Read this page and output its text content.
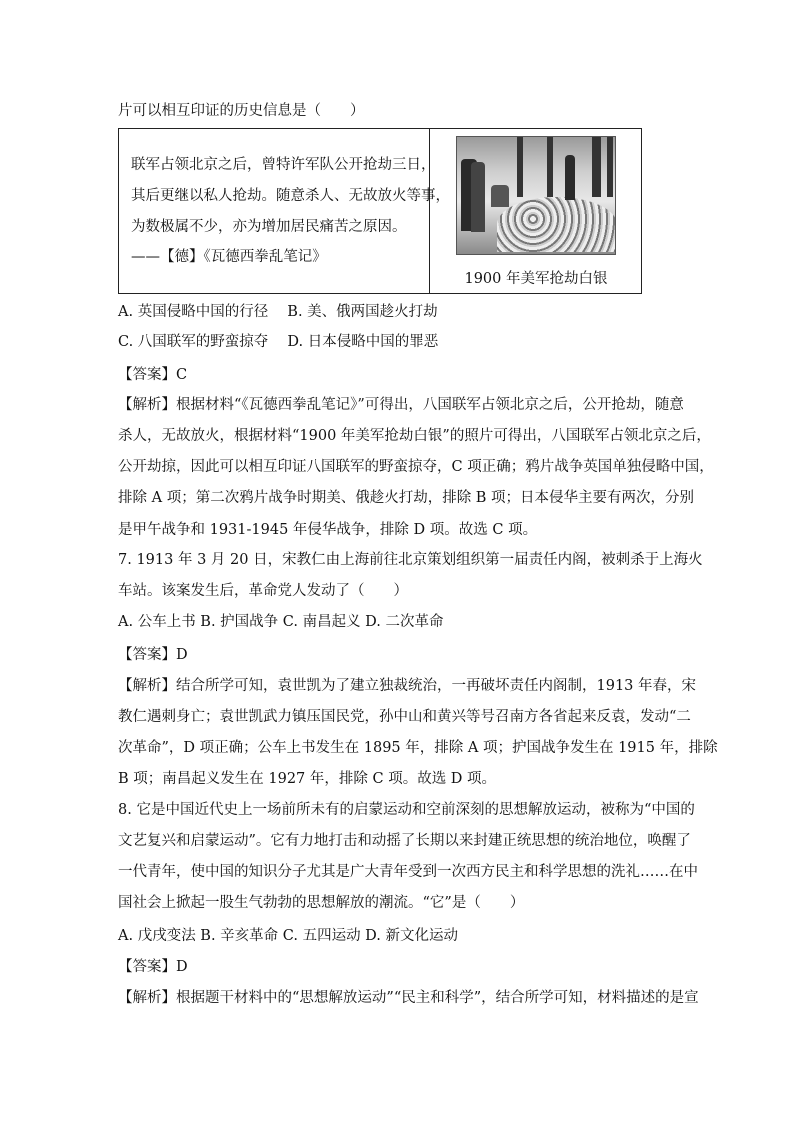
片可以相互印证的历史信息是（　　）
联军占领北京之后，曾特许军队公开抢劫三日，
其后更继以私人抢劫。随意杀人、无故放火等事，
为数极属不少，亦为增加居民痛苦之原因。
——【德】《瓦德西拳乱笔记》
1900 年美军抢劫白银
A. 英国侵略中国的行径　 B. 美、俄两国趁火打劫
C. 八国联军的野蛮掠夺　 D. 日本侵略中国的罪恶
【答案】C
【解析】根据材料“《瓦德西拳乱笔记》”可得出，八国联军占领北京之后，公开抢劫，随意
杀人，无故放火，根据材料“1900 年美军抢劫白银”的照片可得出，八国联军占领北京之后，
公开劫掠，因此可以相互印证八国联军的野蛮掠夺，C 项正确；鸦片战争英国单独侵略中国，
排除 A 项；第二次鸦片战争时期美、俄趁火打劫，排除 B 项；日本侵华主要有两次，分别
是甲午战争和 1931-1945 年侵华战争，排除 D 项。故选 C 项。
7. 1913 年 3 月 20 日，宋教仁由上海前往北京策划组织第一届责任内阁，被刺杀于上海火
车站。该案发生后，革命党人发动了（　　）
A. 公车上书 B. 护国战争 C. 南昌起义 D. 二次革命
【答案】D
【解析】结合所学可知，袁世凯为了建立独裁统治，一再破坏责任内阁制，1913 年春，宋
教仁遇刺身亡；袁世凯武力镇压国民党，孙中山和黄兴等号召南方各省起来反袁，发动“二
次革命”，D 项正确；公车上书发生在 1895 年，排除 A 项；护国战争发生在 1915 年，排除
B 项；南昌起义发生在 1927 年，排除 C 项。故选 D 项。
8. 它是中国近代史上一场前所未有的启蒙运动和空前深刻的思想解放运动，被称为“中国的
文艺复兴和启蒙运动”。它有力地打击和动摇了长期以来封建正统思想的统治地位，唤醒了
一代青年，使中国的知识分子尤其是广大青年受到一次西方民主和科学思想的洗礼……在中
国社会上掀起一股生气勃勃的思想解放的潮流。“它”是（　　）
A. 戊戌变法 B. 辛亥革命 C. 五四运动 D. 新文化运动
【答案】D
【解析】根据题干材料中的“思想解放运动”“民主和科学”，结合所学可知，材料描述的是宣
